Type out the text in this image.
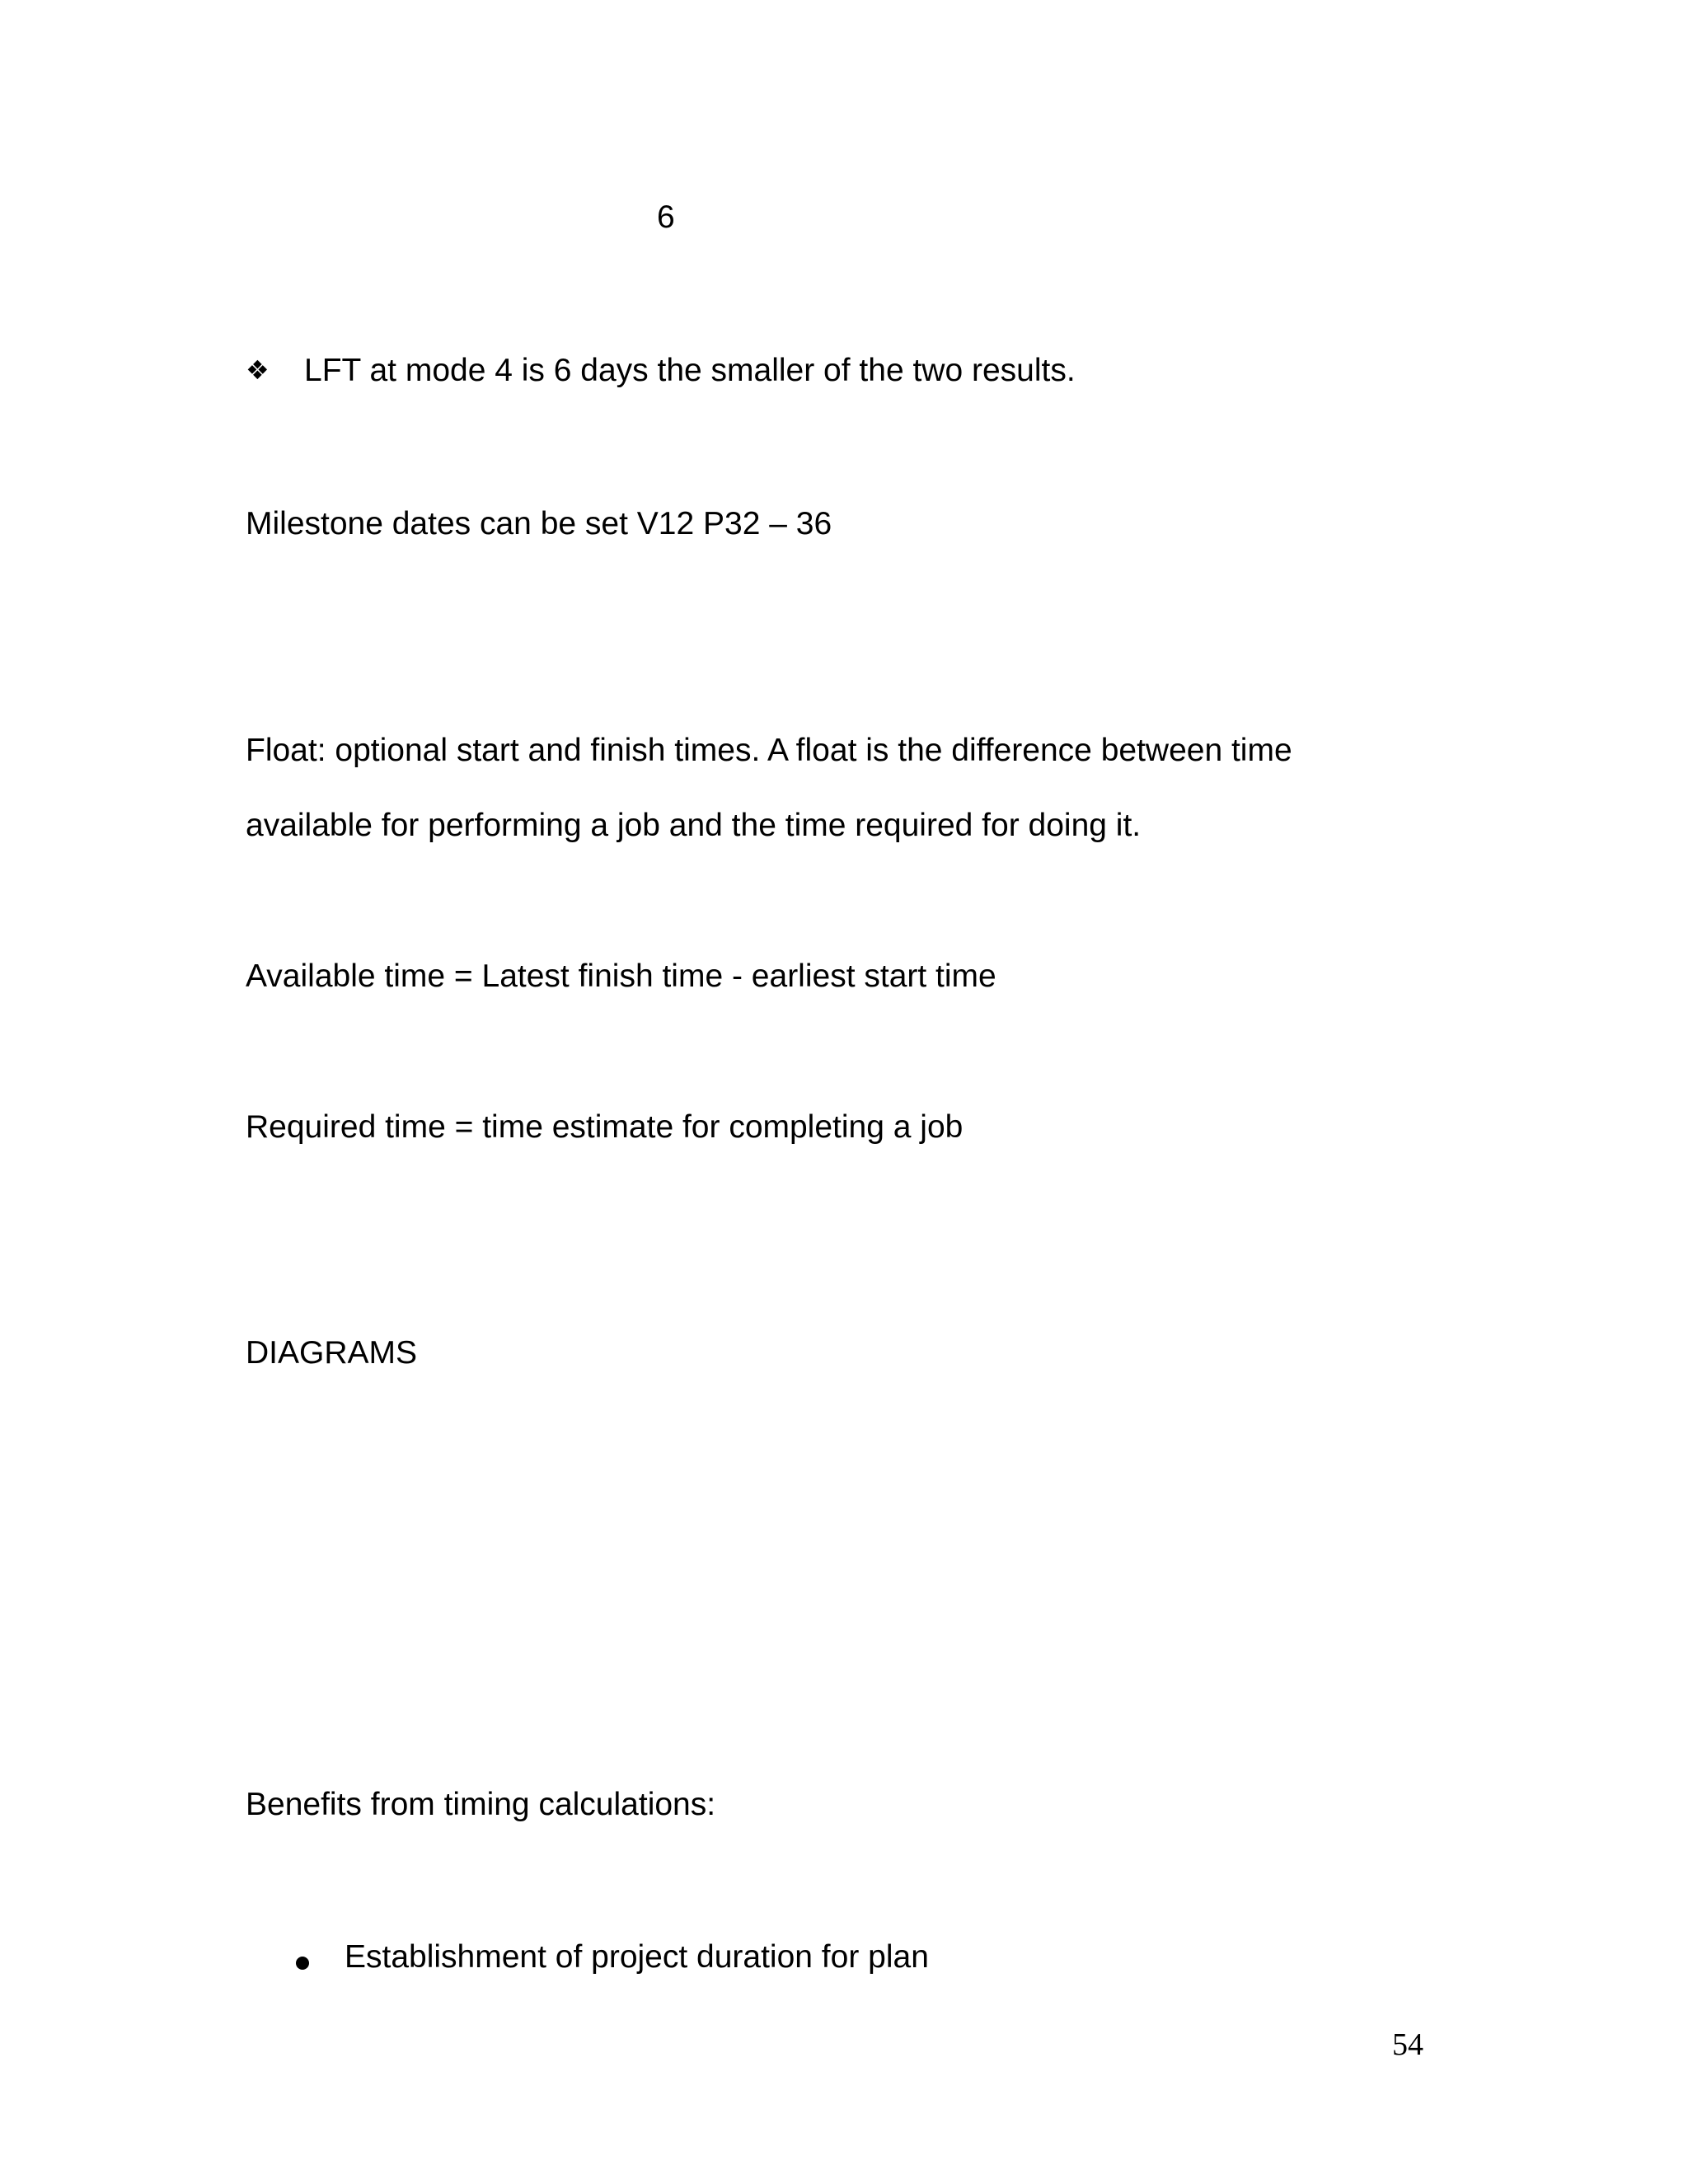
6
❖ LFT at mode 4 is 6 days the smaller of the two results.
Milestone dates can be set V12 P32 – 36
Float: optional start and finish times. A float is the difference between time
available for performing a job and the time required for doing it.
Available time = Latest finish time - earliest start time
Required time = time estimate for completing a job
DIAGRAMS
Benefits from timing calculations:
Establishment of project duration for plan
54
